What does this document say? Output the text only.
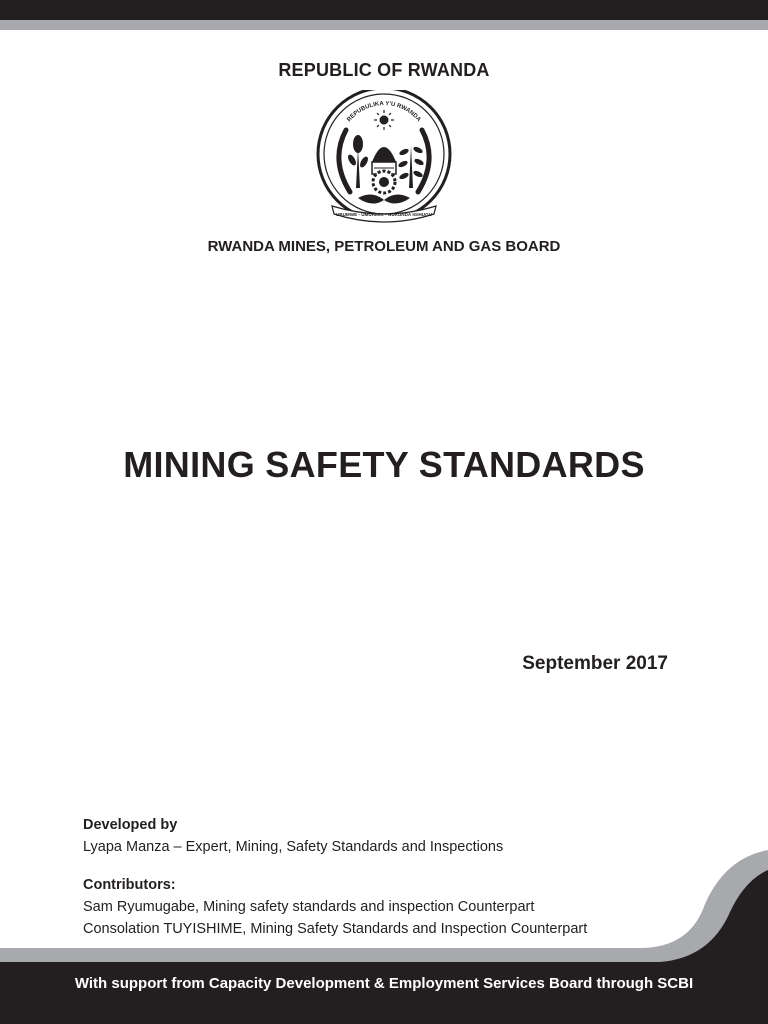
REPUBLIC OF RWANDA
REPUBULIKA Y'U RWANDA
UBUMWE - UMURIMO - GUKUNDA IGIHUGU
RWANDA MINES, PETROLEUM AND GAS BOARD
MINING SAFETY STANDARDS
September 2017
Developed by
Lyapa Manza – Expert, Mining, Safety Standards and Inspections
Contributors:
Sam Ryumugabe, Mining safety standards and inspection Counterpart
Consolation TUYISHIME, Mining Safety Standards and Inspection Counterpart
With support from Capacity Development & Employment Services Board through SCBI
